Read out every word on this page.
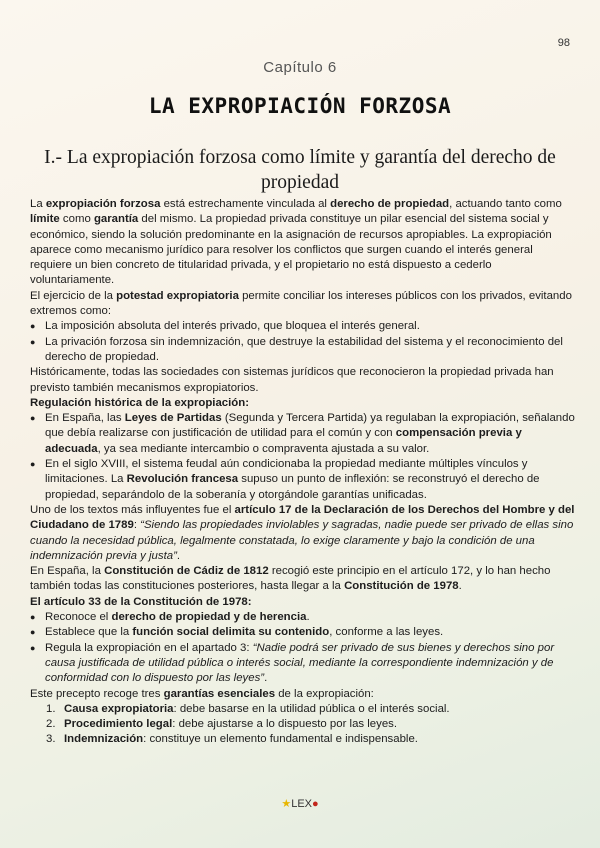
98
Capítulo 6
LA EXPROPIACIÓN FORZOSA
I.- La expropiación forzosa como límite y garantía del derecho de propiedad

La expropiación forzosa está estrechamente vinculada al derecho de propiedad, actuando tanto como límite como garantía del mismo. La propiedad privada constituye un pilar esencial del sistema social y económico, siendo la solución predominante en la asignación de recursos apropiables. La expropiación aparece como mecanismo jurídico para resolver los conflictos que surgen cuando el interés general requiere un bien concreto de titularidad privada, y el propietario no está dispuesto a cederlo voluntariamente.

El ejercicio de la potestad expropiatoria permite conciliar los intereses públicos con los privados, evitando extremos como:

● La imposición absoluta del interés privado, que bloquea el interés general.
● La privación forzosa sin indemnización, que destruye la estabilidad del sistema y el reconocimiento del derecho de propiedad.

Históricamente, todas las sociedades con sistemas jurídicos que reconocieron la propiedad privada han previsto también mecanismos expropiatorios.

Regulación histórica de la expropiación:

● En España, las Leyes de Partidas (Segunda y Tercera Partida) ya regulaban la expropiación, señalando que debía realizarse con justificación de utilidad para el común y con compensación previa y adecuada, ya sea mediante intercambio o compraventa ajustada a su valor.
● En el siglo XVIII, el sistema feudal aún condicionaba la propiedad mediante múltiples vínculos y limitaciones. La Revolución francesa supuso un punto de inflexión: se reconstruyó el derecho de propiedad, separándolo de la soberanía y otorgándole garantías unificadas.

Uno de los textos más influyentes fue el artículo 17 de la Declaración de los Derechos del Hombre y del Ciudadano de 1789: “Siendo las propiedades inviolables y sagradas, nadie puede ser privado de ellas sino cuando la necesidad pública, legalmente constatada, lo exige claramente y bajo la condición de una indemnización previa y justa”.

En España, la Constitución de Cádiz de 1812 recogió este principio en el artículo 172, y lo han hecho también todas las constituciones posteriores, hasta llegar a la Constitución de 1978.

El artículo 33 de la Constitución de 1978:

● Reconoce el derecho de propiedad y de herencia.
● Establece que la función social delimita su contenido, conforme a las leyes.
● Regula la expropiación en el apartado 3: “Nadie podrá ser privado de sus bienes y derechos sino por causa justificada de utilidad pública o interés social, mediante la correspondiente indemnización y de conformidad con lo dispuesto por las leyes”.

Este precepto recoge tres garantías esenciales de la expropiación:

1. Causa expropiatoria: debe basarse en la utilidad pública o el interés social.
2. Procedimiento legal: debe ajustarse a lo dispuesto por las leyes.
3. Indemnización: constituye un elemento fundamental e indispensable.
★LEX●
